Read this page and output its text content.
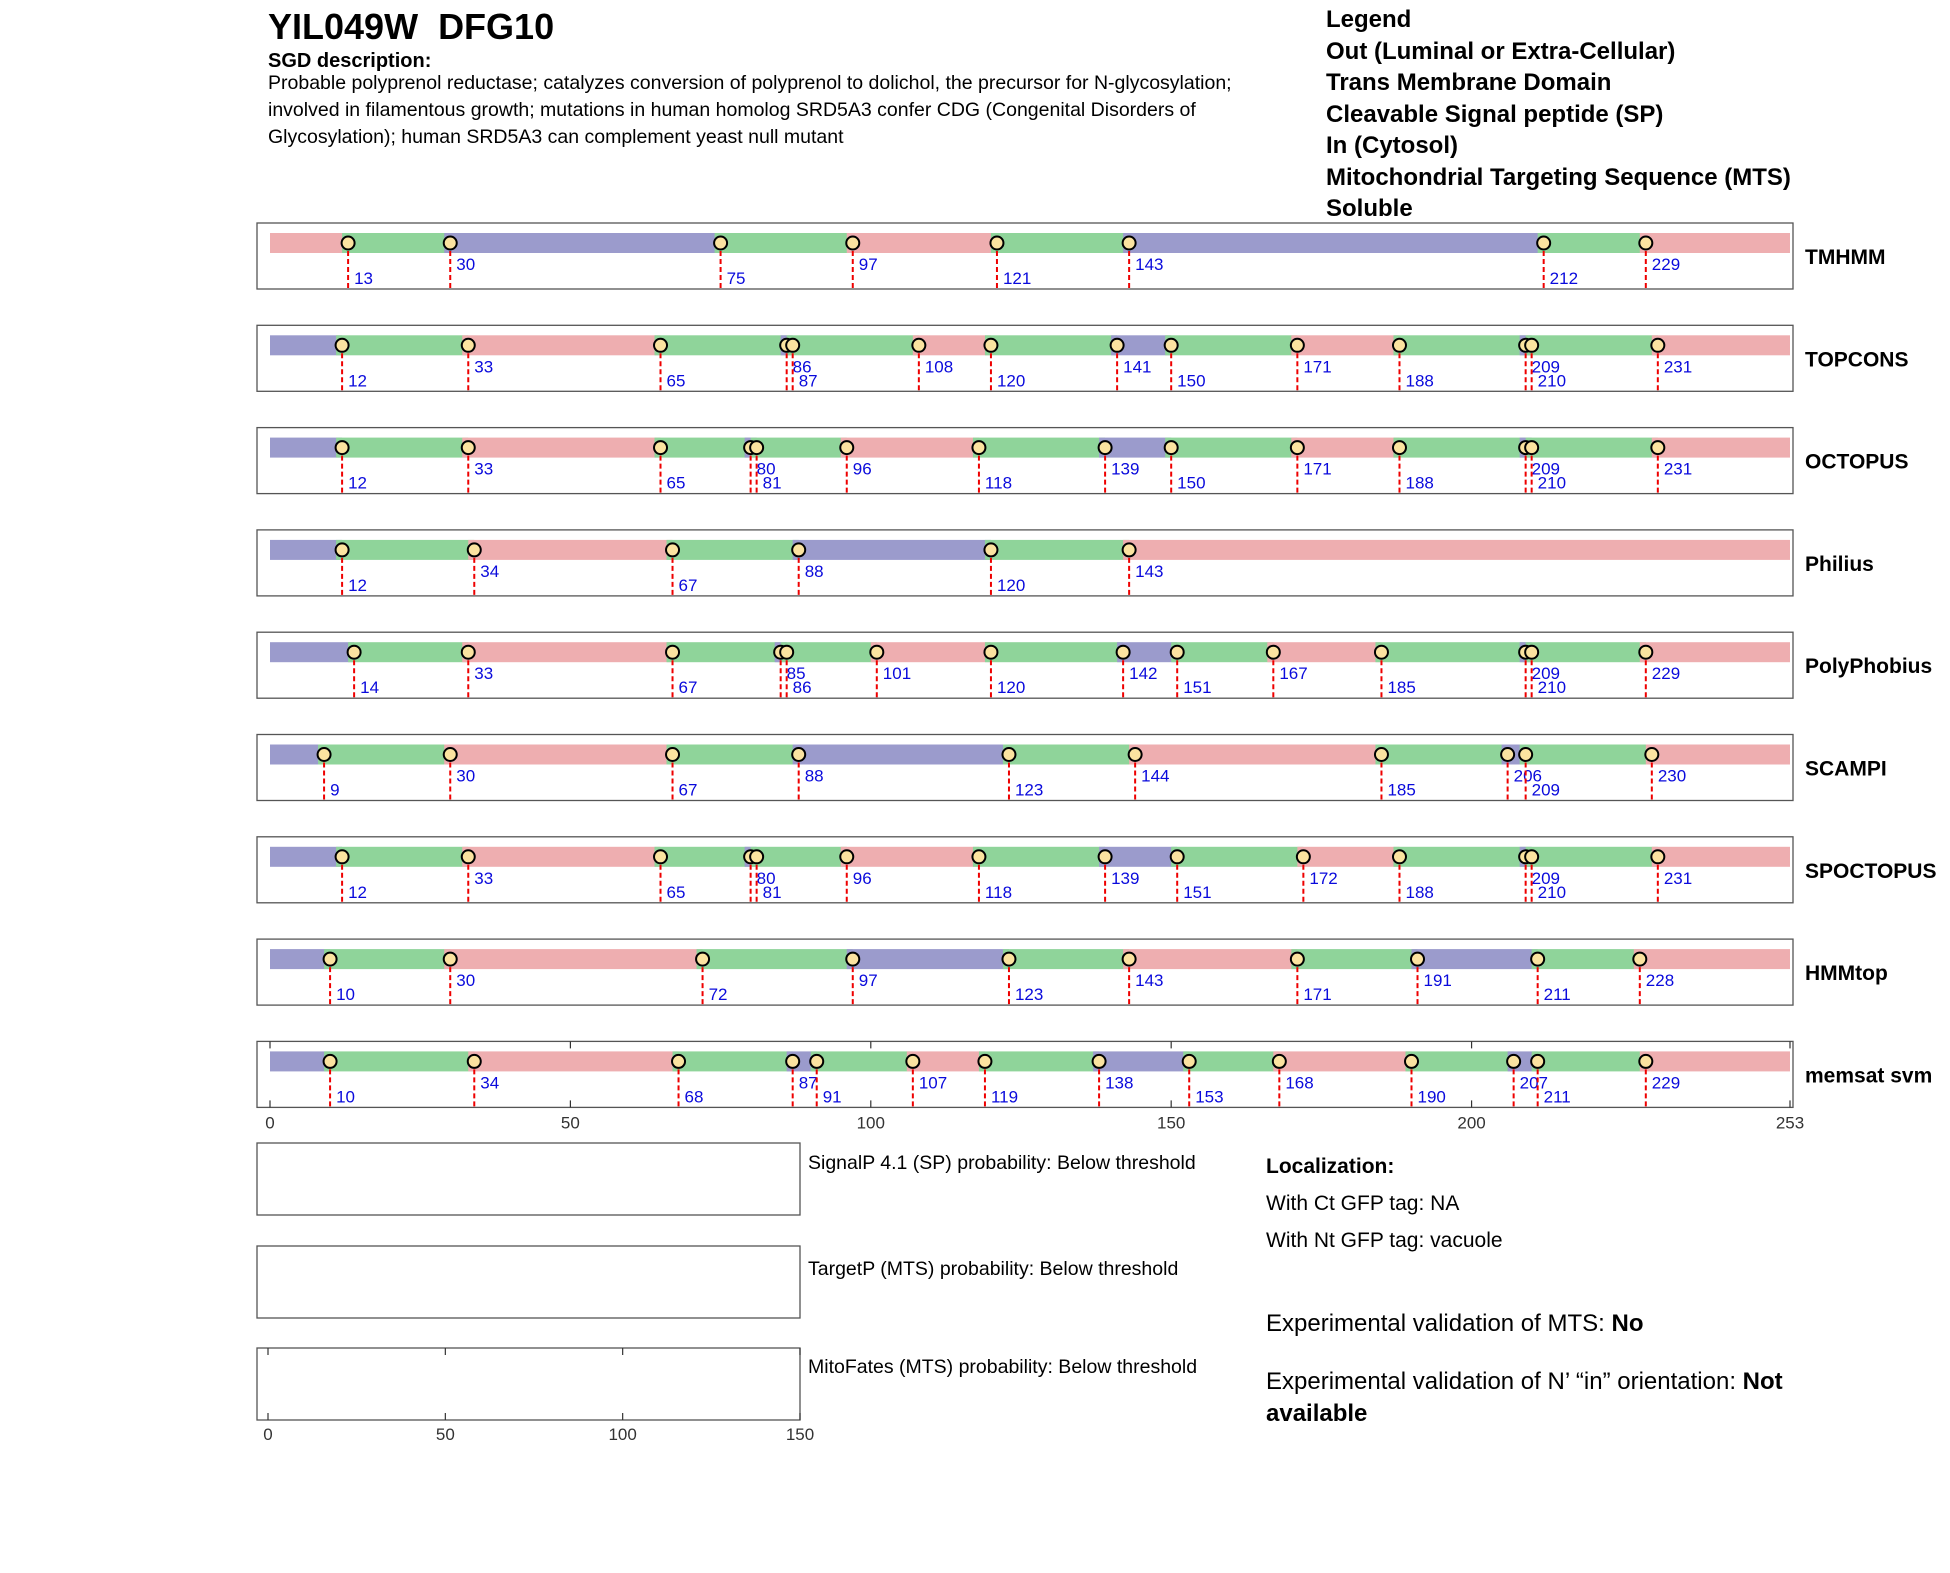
YIL049W DFG10
SGD description:
Probable polyprenol reductase; catalyzes conversion of polyprenol to dolichol, the precursor for N-glycosylation; involved in filamentous growth; mutations in human homolog SRD5A3 confer CDG (Congenital Disorders of Glycosylation); human SRD5A3 can complement yeast null mutant
Legend
Out (Luminal or Extra-Cellular)
Trans Membrane Domain
Cleavable Signal peptide (SP)
In (Cytosol)
Mitochondrial Targeting Sequence (MTS)
Soluble
13
30
75
97
121
143
212
229	TMHMM
12
33
65
86
87
108
120
141
150
171
188
209
210
231	TOPCONS
12
33
65
80
81
96
118
139
150
171
188
209
210
231	OCTOPUS
12
34
67
88
120
143	Philius
14
33
67
85
86
101
120
142
151
167
185
209
210
229	PolyPhobius
9
30
67
88
123
144
185
206
209
230	SCAMPI
12
33
65
80
81
96
118
139
151
172
188
209
210
231	SPOCTOPUS
10
30
72
97
123
143
171
191
211
228	HMMtop
10
34
68
87
91
107
119
138
153
168
190
207
211
229	memsat svm
0	50	100	150	200	253
0	50	100	150
SignalP 4.1 (SP) probability: Below threshold
TargetP (MTS) probability: Below threshold
MitoFates (MTS) probability: Below threshold
Localization:
With Ct GFP tag: NA
With Nt GFP tag: vacuole

Experimental validation of MTS: No

Experimental validation of N’ “in” orientation: Not available
